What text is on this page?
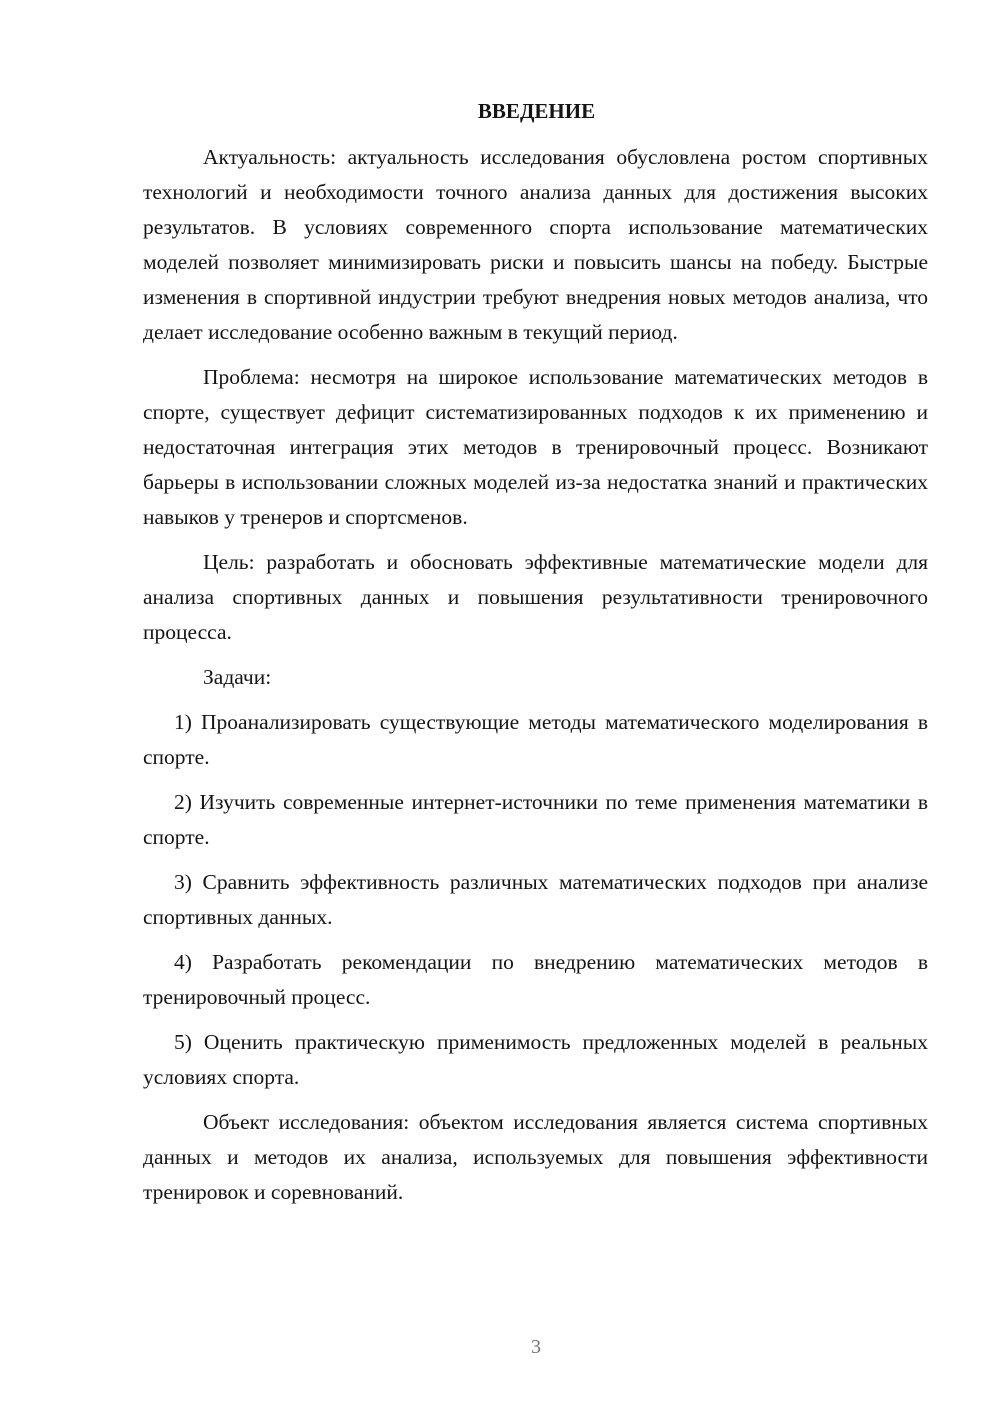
ВВЕДЕНИЕ

Актуальность: актуальность исследования обусловлена ростом спортивных технологий и необходимости точного анализа данных для достижения высоких результатов. В условиях современного спорта использование математических моделей позволяет минимизировать риски и повысить шансы на победу. Быстрые изменения в спортивной индустрии требуют внедрения новых методов анализа, что делает исследование особенно важным в текущий период.

Проблема: несмотря на широкое использование математических методов в спорте, существует дефицит систематизированных подходов к их применению и недостаточная интеграция этих методов в тренировочный процесс. Возникают барьеры в использовании сложных моделей из-за недостатка знаний и практических навыков у тренеров и спортсменов.

Цель: разработать и обосновать эффективные математические модели для анализа спортивных данных и повышения результативности тренировочного процесса.

Задачи:

1) Проанализировать существующие методы математического моделирования в спорте.

2) Изучить современные интернет-источники по теме применения математики в спорте.

3) Сравнить эффективность различных математических подходов при анализе спортивных данных.

4) Разработать рекомендации по внедрению математических методов в тренировочный процесс.

5) Оценить практическую применимость предложенных моделей в реальных условиях спорта.

Объект исследования: объектом исследования является система спортивных данных и методов их анализа, используемых для повышения эффективности тренировок и соревнований.

3
